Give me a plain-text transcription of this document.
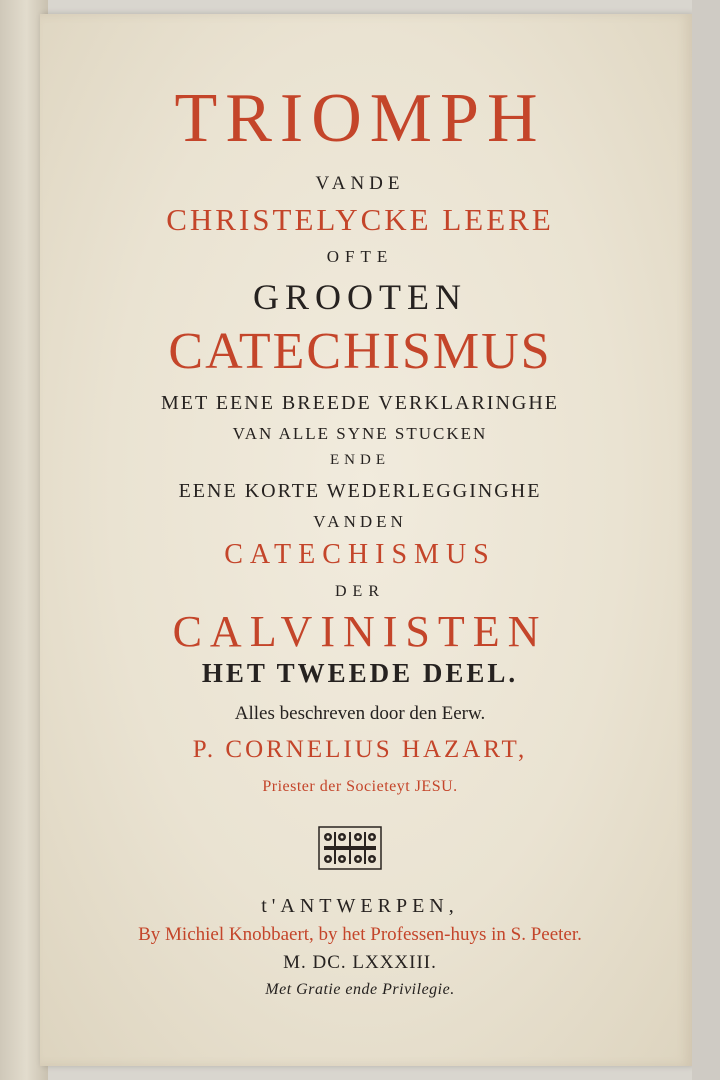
TRIOMPH
VANDE
CHRISTELYCKE LEERE
OFTE
GROOTEN
CATECHISMUS
MET EENE BREEDE VERKLARINGHE
VAN ALLE SYNE STUCKEN
ENDE
EENE KORTE WEDERLEGGINGHE
VANDEN
CATECHISMUS
DER
CALVINISTEN
HET TWEEDE DEEL.
Alles beschreven door den Eerw.
P. CORNELIUS HAZART,
Priester der Societeyt JESU.
t'ANTWERPEN,
By Michiel Knobbaert, by het Professen-huys in S. Peeter.
M. DC. LXXXIII.
Met Gratie ende Privilegie.
